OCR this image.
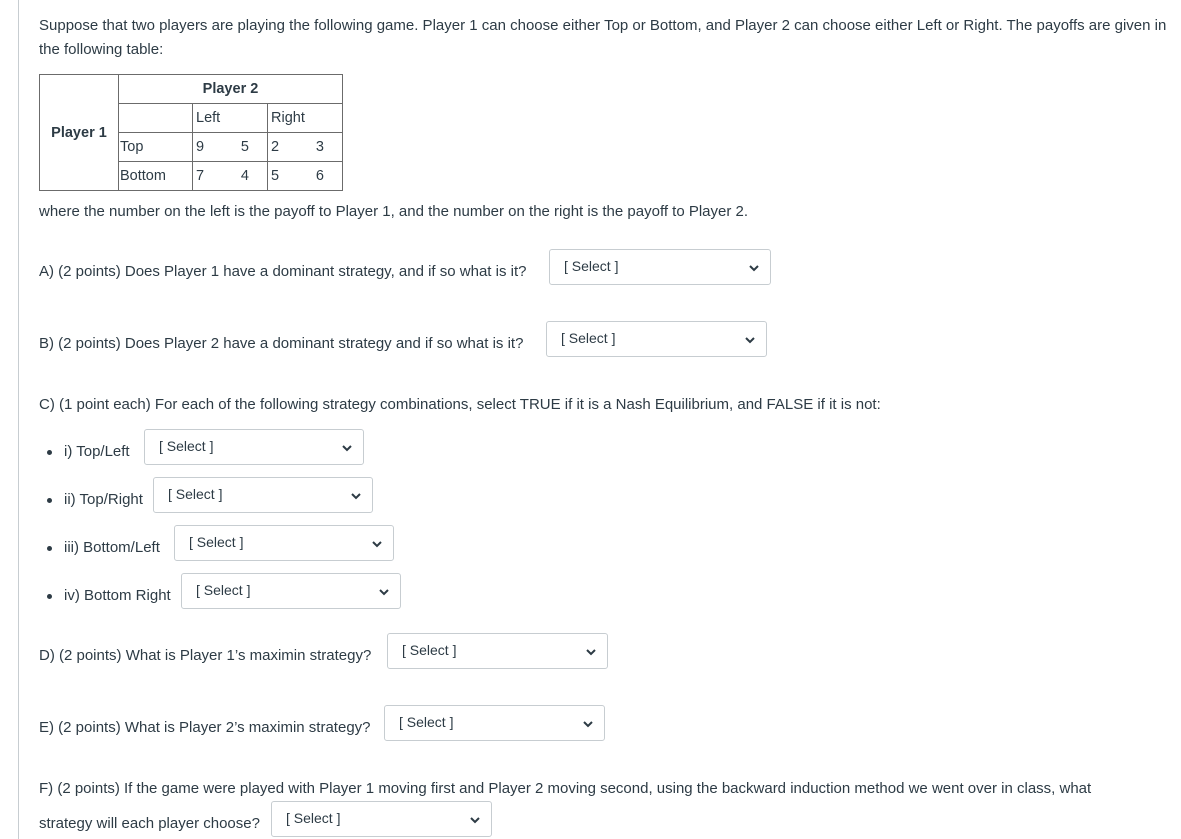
Suppose that two players are playing the following game. Player 1 can choose either Top or Bottom, and Player 2 can choose either Left or Right. The payoffs are given in the following table:

Player 1	Player 2		
		Left	Right
	Top	9 5	2 3

	Bottom	7 4	5 6

where the number on the left is the payoff to Player 1, and the number on the right is the payoff to Player 2.

A) (2 points) Does Player 1 have a dominant strategy, and if so what is it?	[ Select ]

B) (2 points) Does Player 2 have a dominant strategy and if so what is it?	[ Select ]

C) (1 point each) For each of the following strategy combinations, select TRUE if it is a Nash Equilibrium, and FALSE if it is not:

i) Top/Left [ Select ]

ii) Top/Right [ Select ]

iii) Bottom/Left [ Select ]

iv) Bottom Right [ Select ]

D) (2 points) What is Player 1’s maximin strategy? [ Select ]

E) (2 points) What is Player 2’s maximin strategy? [ Select ]

F) (2 points) If the game were played with Player 1 moving first and Player 2 moving second, using the backward induction method we went over in class, what

strategy will each player choose? [ Select ]
